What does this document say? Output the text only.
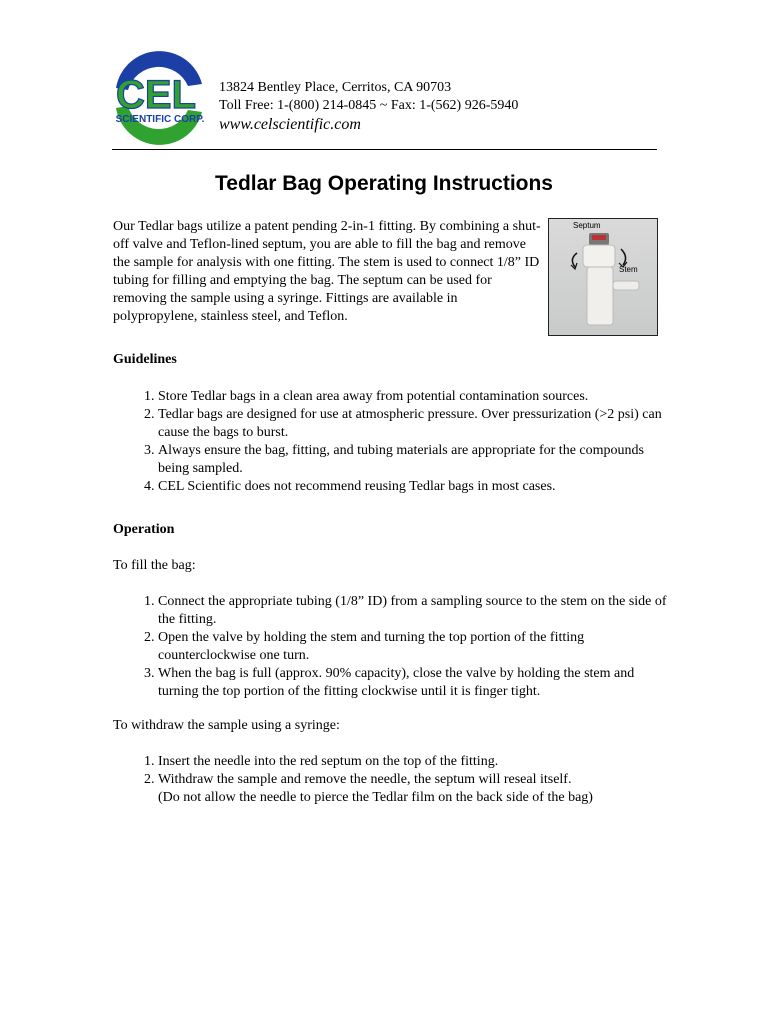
CEL
SCIENTIFIC CORP.
13824 Bentley Place, Cerritos, CA 90703
Toll Free: 1-(800) 214-0845 ~ Fax: 1-(562) 926-5940
www.celscientific.com
Tedlar Bag Operating Instructions
Our Tedlar bags utilize a patent pending 2-in-1 fitting. By combining a shut-off valve and Teflon-lined septum, you are able to fill the bag and remove the sample for analysis with one fitting. The stem is used to connect 1/8” ID tubing for filling and emptying the bag. The septum can be used for removing the sample using a syringe. Fittings are available in polypropylene, stainless steel, and Teflon.
Septum
Stem
Guidelines
1. Store Tedlar bags in a clean area away from potential contamination sources.
2. Tedlar bags are designed for use at atmospheric pressure. Over pressurization (>2 psi) can cause the bags to burst.
3. Always ensure the bag, fitting, and tubing materials are appropriate for the compounds being sampled.
4. CEL Scientific does not recommend reusing Tedlar bags in most cases.
Operation
To fill the bag:
1. Connect the appropriate tubing (1/8” ID) from a sampling source to the stem on the side of the fitting.
2. Open the valve by holding the stem and turning the top portion of the fitting counterclockwise one turn.
3. When the bag is full (approx. 90% capacity), close the valve by holding the stem and turning the top portion of the fitting clockwise until it is finger tight.
To withdraw the sample using a syringe:
1. Insert the needle into the red septum on the top of the fitting.
2. Withdraw the sample and remove the needle, the septum will reseal itself.
(Do not allow the needle to pierce the Tedlar film on the back side of the bag)
